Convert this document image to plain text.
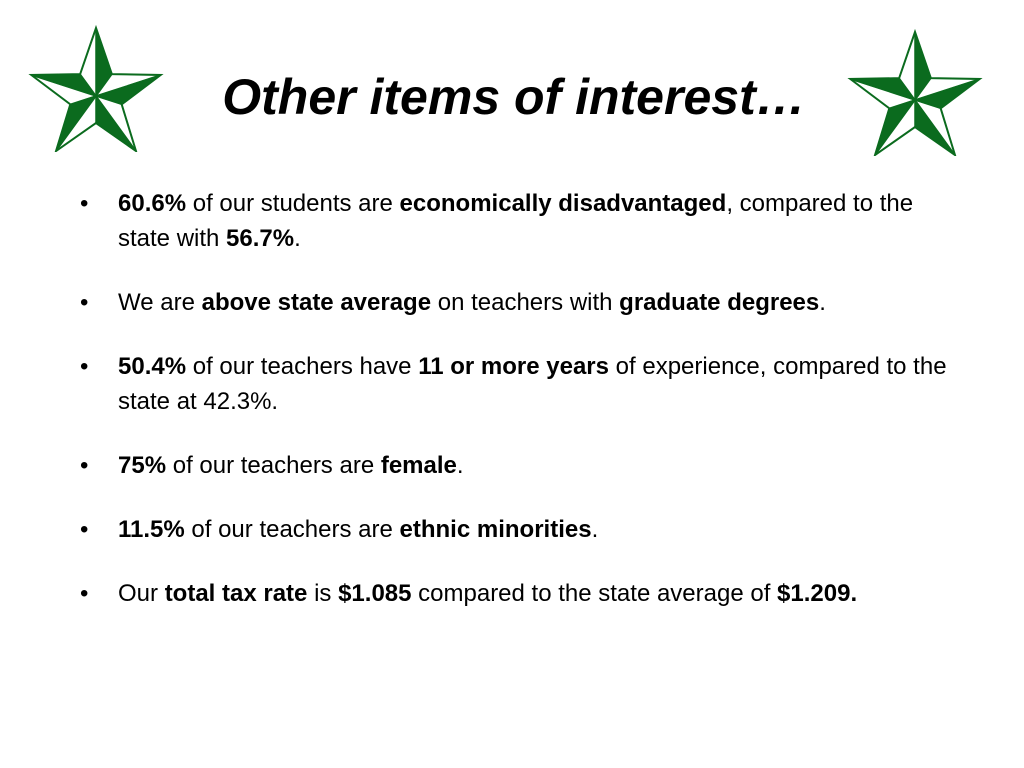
Other items of interest…
•	60.6% of our students are economically disadvantaged, compared to the state with 56.7%.
•	We are above state average on teachers with graduate degrees.
•	50.4% of our teachers have 11 or more years of experience, compared to the state at 42.3%.
•	75% of our teachers are female.
•	11.5% of our teachers are ethnic minorities.
•	Our total tax rate is $1.085 compared to the state average of $1.209.
